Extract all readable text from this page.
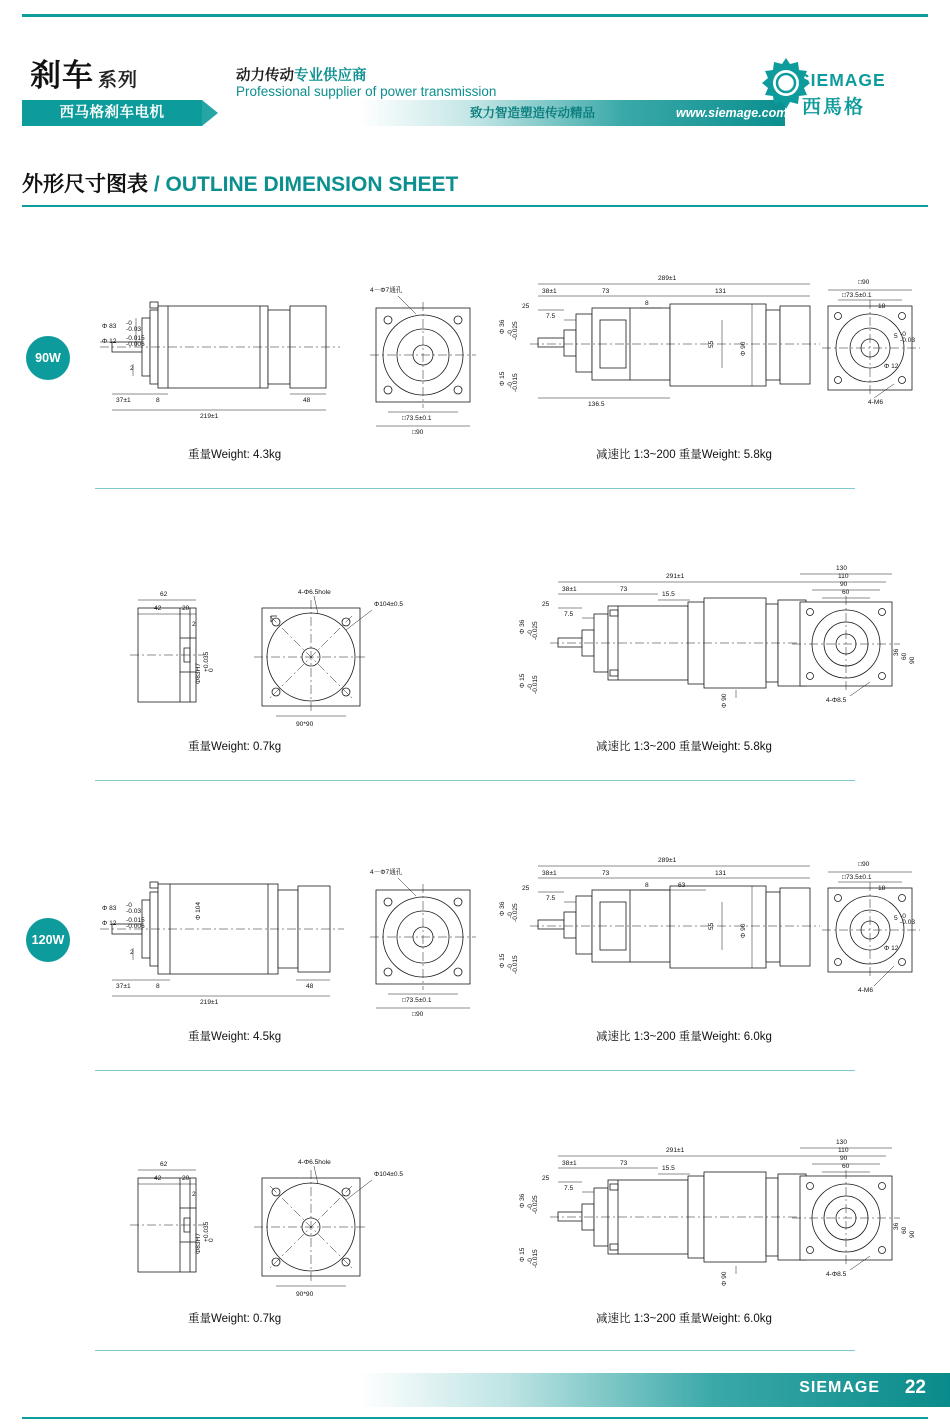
刹车 系列
西马格刹车电机
动力传动专业供应商
Professional supplier of power transmission
致力智造塑造传动精品	www.siemage.com
SIEMAGE
西馬格
外形尺寸图表 / OUTLINE DIMENSION SHEET
90W
Φ 83 -0
-0.03
Φ 12 -0.015
-0.006
2
37±1	8
219±1
48
4－Φ7通孔
□73.5±0.1
□90
289±1
38±1	73	131
8
25
7.5
Φ 36 -0
-0.025
Φ 15 -0
-0.015
55	Φ 90
136.5
□90
□73.5±0.1
18
5 -0
-0.03
Φ 12
4-M6
重量Weight: 4.3kg	减速比 1:3~200 重量Weight: 5.8kg
62
42	20
2
Φ83H7
+0.035
0
4-Φ6.5hole
Φ104±0.5
90*90
291±1
38±1	73
15.5
25
7.5
Φ 36 -0
-0.025
Φ 15 -0
-0.015
Φ 90
130
110
90
60
36
60
90
4-Φ8.5
重量Weight: 0.7kg	减速比 1:3~200 重量Weight: 5.8kg
120W
Φ 83 -0
-0.03
Φ 12 -0.015
-0.006
Φ 104
2
37±1	8
219±1
48
4－Φ7通孔
□73.5±0.1
□90
289±1
38±1	73	131
8	63
25
7.5
Φ 36 -0
-0.025
Φ 15 -0
-0.015
55	Φ 90
□90
□73.5±0.1
18
5 -0
-0.03
Φ 12
4-M6
重量Weight: 4.5kg	减速比 1:3~200 重量Weight: 6.0kg
62
42	20
2
Φ83H7
+0.035
0
4-Φ6.5hole
Φ104±0.5
90*90
291±1
38±1	73
15.5
25
7.5
Φ 36 -0
-0.025
Φ 15 -0
-0.015
Φ 90
130
110
90
60
36
60
90
4-Φ8.5
重量Weight: 0.7kg	减速比 1:3~200 重量Weight: 6.0kg
SIEMAGE 22
